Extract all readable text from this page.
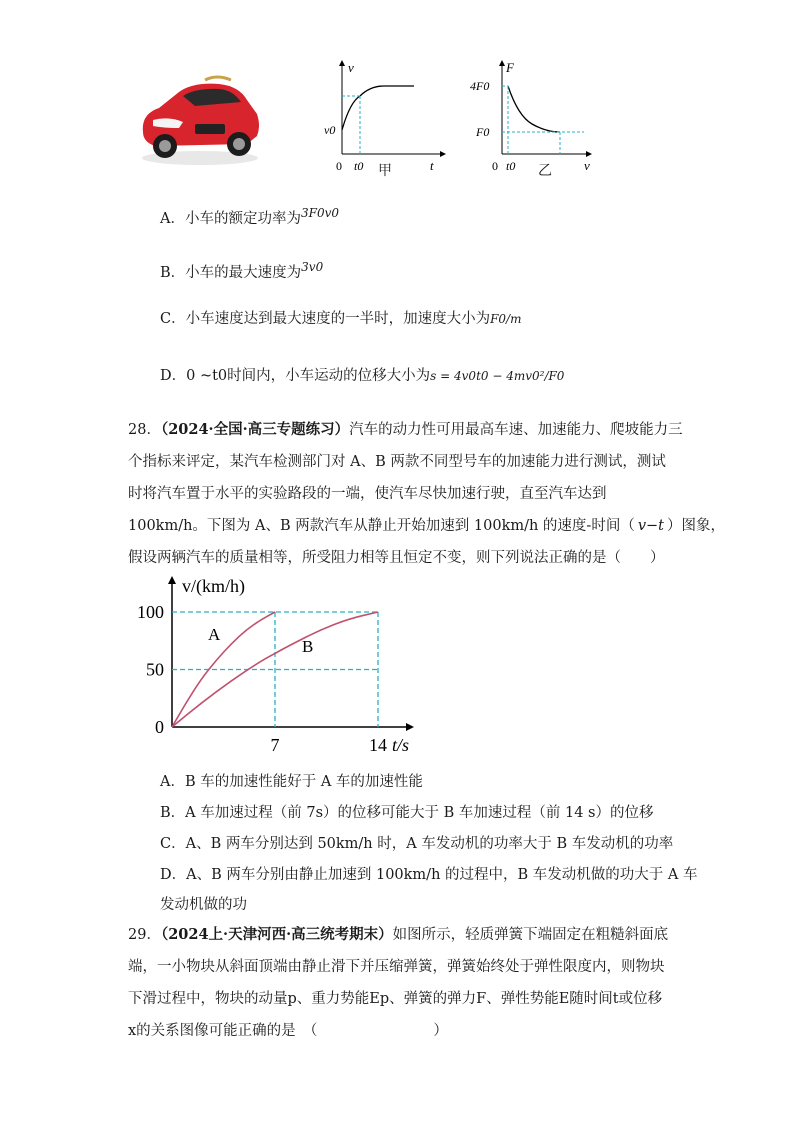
v
t
0
v0
t0 甲
F
v
0
4F0
F0
t0 乙
A．小车的额定功率为$^{3F0v0}$
B．小车的最大速度为$^{3v0}$
C．小车速度达到最大速度的一半时，加速度大小为F0/m
D．0 ~t0时间内，小车运动的位移大小为s = 4v0t0 − 4mv0²/F0
28．（2024·全国·高三专题练习）汽车的动力性可用最高车速、加速能力、爬坡能力三
个指标来评定，某汽车检测部门对 A、B 两款不同型号车的加速能力进行测试，测试
时将汽车置于水平的实验路段的一端，使汽车尽快加速行驶，直至汽车达到
100km/h。下图为 A、B 两款汽车从静止开始加速到 100km/h 的速度-时间（ v−t ）图象，
假设两辆汽车的质量相等，所受阻力相等且恒定不变，则下列说法正确的是（　　）
A
B
v/(km/h)
0
50
100
7	14 t/s
A．B 车的加速性能好于 A 车的加速性能
B．A 车加速过程（前 7s）的位移可能大于 B 车加速过程（前 14 s）的位移
C．A、B 两车分别达到 50km/h 时，A 车发动机的功率大于 B 车发动机的功率
D．A、B 两车分别由静止加速到 100km/h 的过程中，B 车发动机做的功大于 A 车
发动机做的功
29．（2024上·天津河西·高三统考期末）如图所示，轻质弹簧下端固定在粗糙斜面底
端，一小物块从斜面顶端由静止滑下并压缩弹簧，弹簧始终处于弹性限度内，则物块
下滑过程中，物块的动量p、重力势能Ep、弹簧的弹力F、弹性势能E随时间t或位移
x的关系图像可能正确的是　（　　　　　　　　）
